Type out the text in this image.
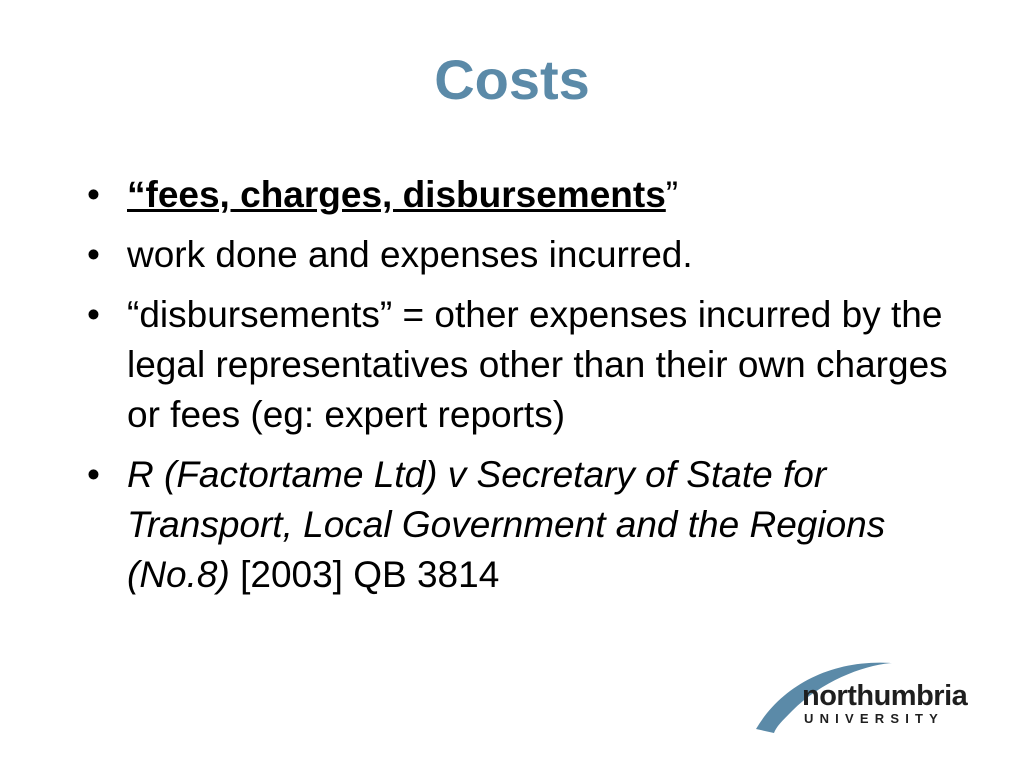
Costs
• “fees, charges, disbursements”
• work done and expenses incurred.
• “disbursements” = other expenses incurred by the legal representatives other than their own charges or fees (eg: expert reports)
• R (Factortame Ltd) v Secretary of State for Transport, Local Government and the Regions (No.8) [2003] QB 3814
northumbria
UNIVERSITY
